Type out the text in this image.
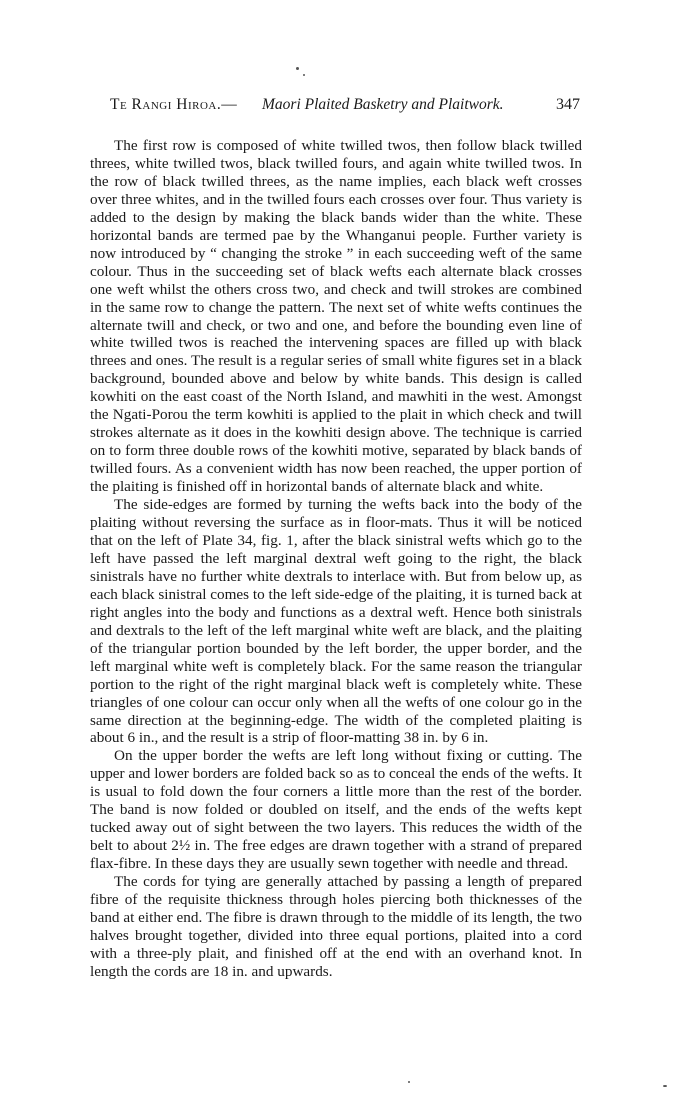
Te Rangi Hiroa.— Maori Plaited Basketry and Plaitwork.	347

The first row is composed of white twilled twos, then follow black twilled threes, white twilled twos, black twilled fours, and again white twilled twos. In the row of black twilled threes, as the name implies, each black weft crosses over three whites, and in the twilled fours each crosses over four. Thus variety is added to the design by making the black bands wider than the white. These horizontal bands are termed pae by the Whanganui people. Further variety is now introduced by “ changing the stroke ” in each succeeding weft of the same colour. Thus in the succeeding set of black wefts each alternate black crosses one weft whilst the others cross two, and check and twill strokes are combined in the same row to change the pattern. The next set of white wefts continues the alternate twill and check, or two and one, and before the bounding even line of white twilled twos is reached the intervening spaces are filled up with black threes and ones. The result is a regular series of small white figures set in a black background, bounded above and below by white bands. This design is called kowhiti on the east coast of the North Island, and mawhiti in the west. Amongst the Ngati-Porou the term kowhiti is applied to the plait in which check and twill strokes alternate as it does in the kowhiti design above. The technique is carried on to form three double rows of the kowhiti motive, separated by black bands of twilled fours. As a convenient width has now been reached, the upper portion of the plaiting is finished off in horizontal bands of alternate black and white.

The side-edges are formed by turning the wefts back into the body of the plaiting without reversing the surface as in floor-mats. Thus it will be noticed that on the left of Plate 34, fig. 1, after the black sinistral wefts which go to the left have passed the left marginal dextral weft going to the right, the black sinistrals have no further white dextrals to interlace with. But from below up, as each black sinistral comes to the left side-edge of the plaiting, it is turned back at right angles into the body and functions as a dextral weft. Hence both sinistrals and dextrals to the left of the left marginal white weft are black, and the plaiting of the triangular portion bounded by the left border, the upper border, and the left marginal white weft is completely black. For the same reason the triangular portion to the right of the right marginal black weft is completely white. These triangles of one colour can occur only when all the wefts of one colour go in the same direction at the beginning-edge. The width of the completed plaiting is about 6 in., and the result is a strip of floor-matting 38 in. by 6 in.

On the upper border the wefts are left long without fixing or cutting. The upper and lower borders are folded back so as to conceal the ends of the wefts. It is usual to fold down the four corners a little more than the rest of the border. The band is now folded or doubled on itself, and the ends of the wefts kept tucked away out of sight between the two layers. This reduces the width of the belt to about 2½ in. The free edges are drawn together with a strand of prepared flax-fibre. In these days they are usually sewn together with needle and thread.

The cords for tying are generally attached by passing a length of prepared fibre of the requisite thickness through holes piercing both thicknesses of the band at either end. The fibre is drawn through to the middle of its length, the two halves brought together, divided into three equal portions, plaited into a cord with a three-ply plait, and finished off at the end with an overhand knot. In length the cords are 18 in. and upwards.
